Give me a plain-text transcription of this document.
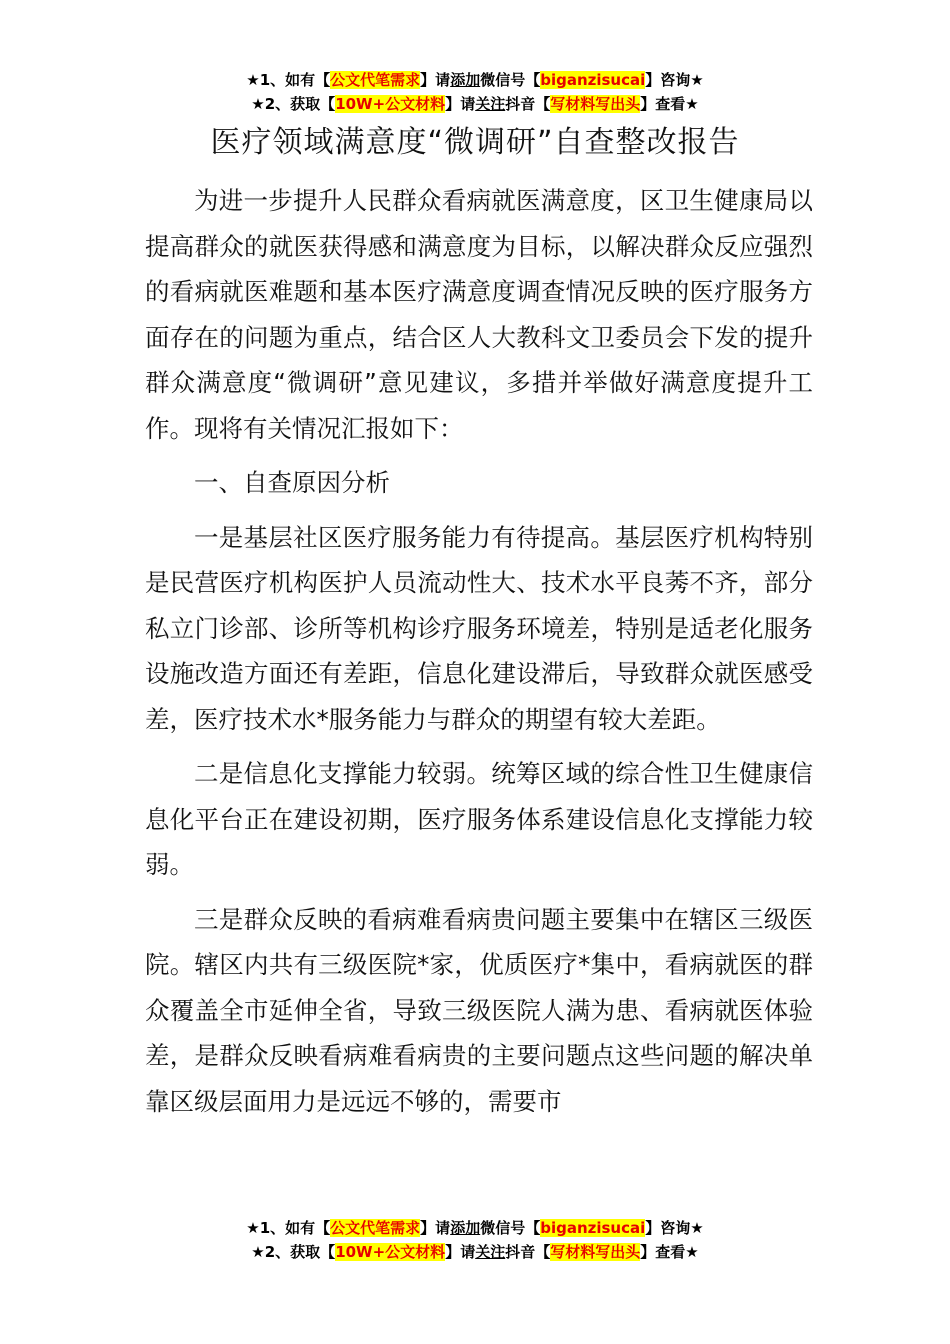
★1、如有【公文代笔需求】请添加微信号【biganzisucai】咨询★
★2、获取【10W+公文材料】请关注抖音【写材料写出头】查看★
医疗领域满意度“微调研”自查整改报告

为进一步提升人民群众看病就医满意度，区卫生健康局以提高群众的就医获得感和满意度为目标，以解决群众反应强烈的看病就医难题和基本医疗满意度调查情况反映的医疗服务方面存在的问题为重点，结合区人大教科文卫委员会下发的提升群众满意度“微调研”意见建议，多措并举做好满意度提升工作。现将有关情况汇报如下：

一、自查原因分析

一是基层社区医疗服务能力有待提高。基层医疗机构特别是民营医疗机构医护人员流动性大、技术水平良莠不齐，部分私立门诊部、诊所等机构诊疗服务环境差，特别是适老化服务设施改造方面还有差距，信息化建设滞后，导致群众就医感受差，医疗技术水*服务能力与群众的期望有较大差距。

二是信息化支撑能力较弱。统筹区域的综合性卫生健康信息化平台正在建设初期，医疗服务体系建设信息化支撑能力较弱。

三是群众反映的看病难看病贵问题主要集中在辖区三级医院。辖区内共有三级医院*家，优质医疗*集中，看病就医的群众覆盖全市延伸全省，导致三级医院人满为患、看病就医体验差，是群众反映看病难看病贵的主要问题点这些问题的解决单靠区级层面用力是远远不够的，需要市

★1、如有【公文代笔需求】请添加微信号【biganzisucai】咨询★
★2、获取【10W+公文材料】请关注抖音【写材料写出头】查看★
